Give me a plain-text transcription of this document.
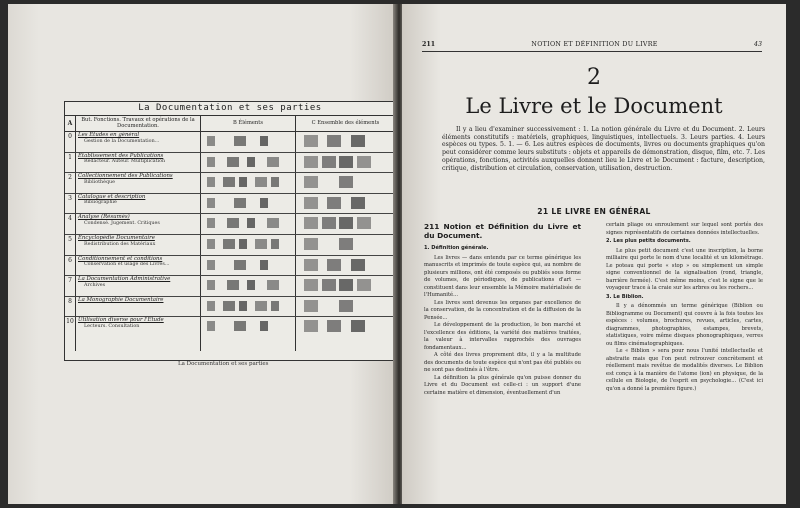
La Documentation et ses parties
A	But. Fonctions. Travaux et opérations de la Documentation.	B Éléments	C Ensemble des éléments
0	Les Études en général
Gestion de la Documentation...
1	Établissement des Publications
Rédacteur. Auteur. Multiplication
2	Collectionnement des Publications
Bibliothèque
3	Catalogue et description
Bibliographie
4	Analyse (Résumés)
Condensé. Jugement. Critiques
5	Encyclopédie Documentaire
Redistribution des Matériaux
6	Conditionnement et conditions
Conservation et usage des Livres...
7	La Documentation Administrative
Archives
8	La Monographie Documentaire
10 Utilisation diverse pour l'Étude
Lecteurs. Consultation
La Documentation et ses parties
211	NOTION ET DÉFINITION DU LIVRE	43
2
Le Livre et le Document
Il y a lieu d'examiner successivement : 1. La notion générale du Livre et du Document. 2. Leurs éléments constitutifs : matériels, graphiques, linguistiques, intellectuels. 3. Leurs parties. 4. Leurs espèces ou types. 5. 1. — 6. Les autres espèces de documents, livres ou documents graphiques qu'on peut considérer comme leurs substituts : objets et appareils de démonstration, disque, film, etc. 7. Les opérations, fonctions, activités auxquelles donnent lieu le Livre et le Document : facture, description, critique, distribution et circulation, conservation, utilisation, destruction.
21 LE LIVRE EN GÉNÉRAL
211 Notion et Définition du Livre et du Document.
1. Définition générale.

Les livres — dans entendu par ce terme générique les manuscrits et imprimés de toute espèce qui, au nombre de plusieurs millions, ont été composés ou publiés sous forme de volumes, de périodiques, de publications d'art — constituent dans leur ensemble la Mémoire matérialisée de l'Humanité...

Les livres sont devenus les organes par excellence de la conservation, de la concentration et de la diffusion de la Pensée...

Le développement de la production, le bon marché et l'excellence des éditions, la variété des matières traitées, la valeur à intervalles rapprochés des ouvrages fondamentaux...

A côté des livres proprement dits, il y a la multitude des documents de toute espèce qui n'ont pas été publiés ou ne sont pas destinés à l'être.

La définition la plus générale qu'on puisse donner du Livre et du Document est celle-ci : un support d'une certaine matière et dimension, éventuellement d'un

certain pliage ou enroulement sur lequel sont portés des signes représentatifs de certaines données intellectuelles.

2. Les plus petits documents.

Le plus petit document c'est une inscription, la borne milliaire qui porte le nom d'une localité et un kilométrage. Le poteau qui porte « stop » ou simplement un simple signe conventionnel de la signalisation (rond, triangle, barrière fermée). C'est même moins, c'est le signe que le voyageur trace à la craie sur les arbres ou les rochers...

3. Le Biblion.

Il y a dénommés un terme générique (Biblion ou Bibliogramme ou Document) qui couvre à la fois toutes les espèces : volumes, brochures, revues, articles, cartes, diagrammes, photographies, estampes, brevets, statistiques, voire même disques phonographiques, verres ou films cinématographiques.

Le « Biblion » sera pour nous l'unité intellectuelle et abstraite mais que l'on peut retrouver concrètement et réellement mais revêtue de modalités diverses. Le Biblion est conçu à la manière de l'atome (ion) en physique, de la cellule en Biologie, de l'esprit en psychologie... (C'est ici qu'on a donné la première figure.)
